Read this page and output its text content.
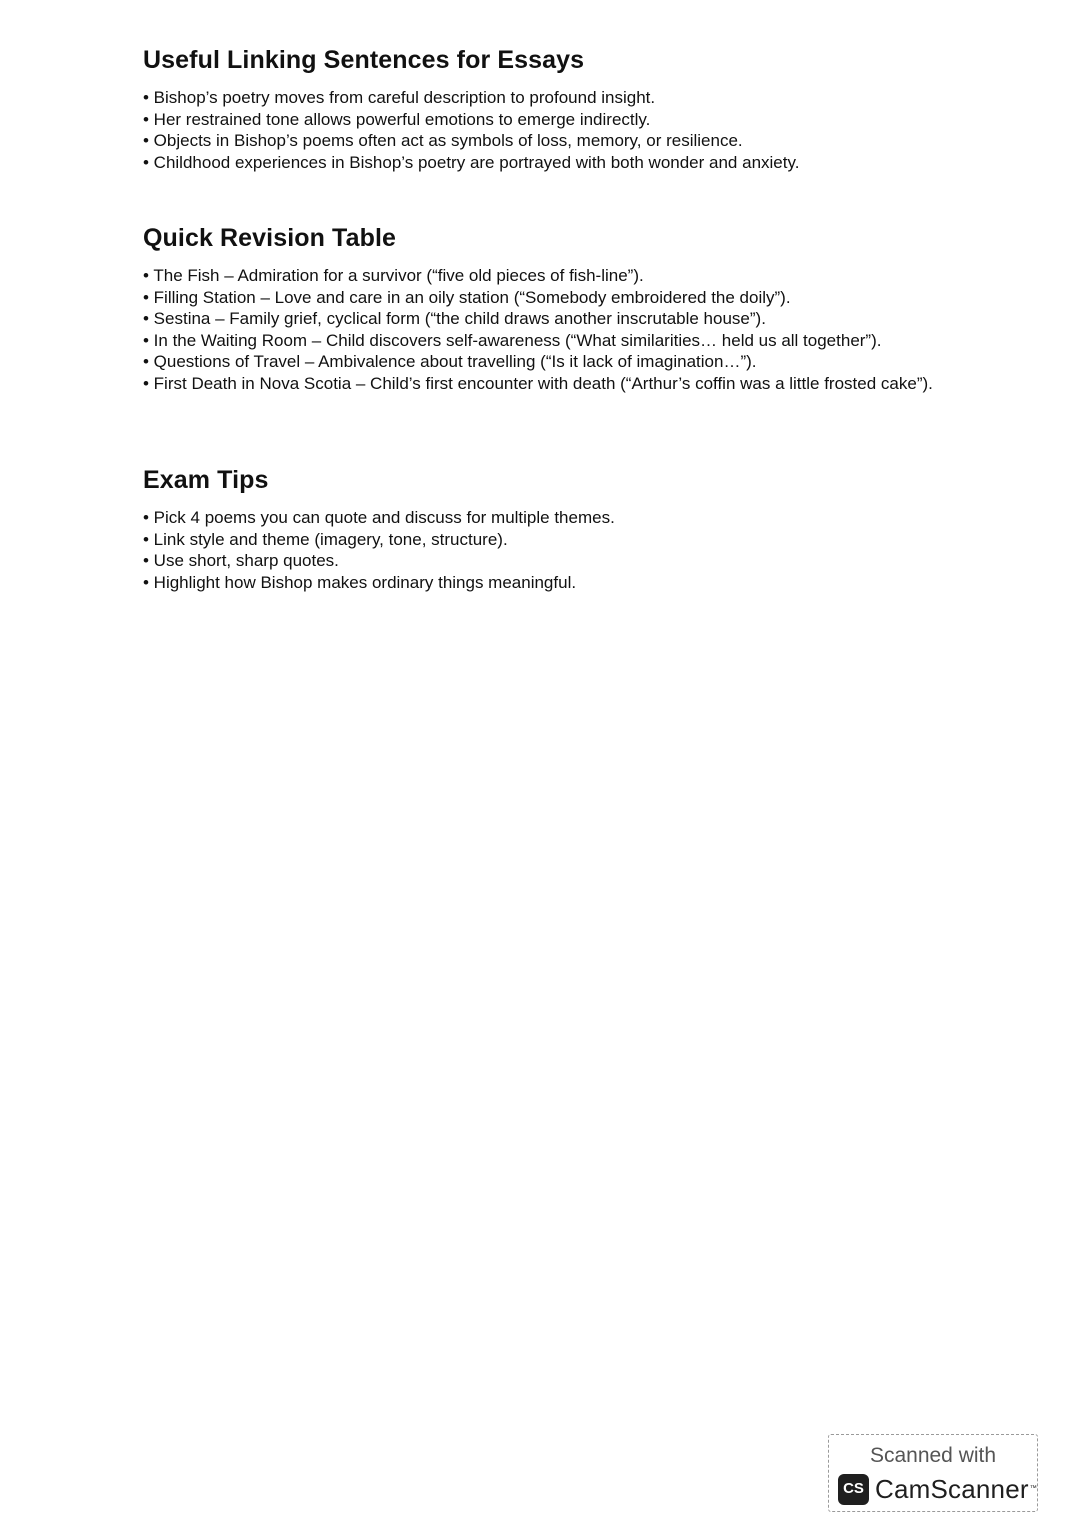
Useful Linking Sentences for Essays
• Bishop’s poetry moves from careful description to profound insight.
• Her restrained tone allows powerful emotions to emerge indirectly.
• Objects in Bishop’s poems often act as symbols of loss, memory, or resilience.
• Childhood experiences in Bishop’s poetry are portrayed with both wonder and anxiety.
Quick Revision Table
• The Fish – Admiration for a survivor (“five old pieces of fish-line”).
• Filling Station – Love and care in an oily station (“Somebody embroidered the doily”).
• Sestina – Family grief, cyclical form (“the child draws another inscrutable house”).
• In the Waiting Room – Child discovers self-awareness (“What similarities… held us all together”).
• Questions of Travel – Ambivalence about travelling (“Is it lack of imagination…”).
• First Death in Nova Scotia – Child’s first encounter with death (“Arthur’s coffin was a little frosted cake”).
Exam Tips
• Pick 4 poems you can quote and discuss for multiple themes.
• Link style and theme (imagery, tone, structure).
• Use short, sharp quotes.
• Highlight how Bishop makes ordinary things meaningful.
Scanned with
CS CamScanner™
